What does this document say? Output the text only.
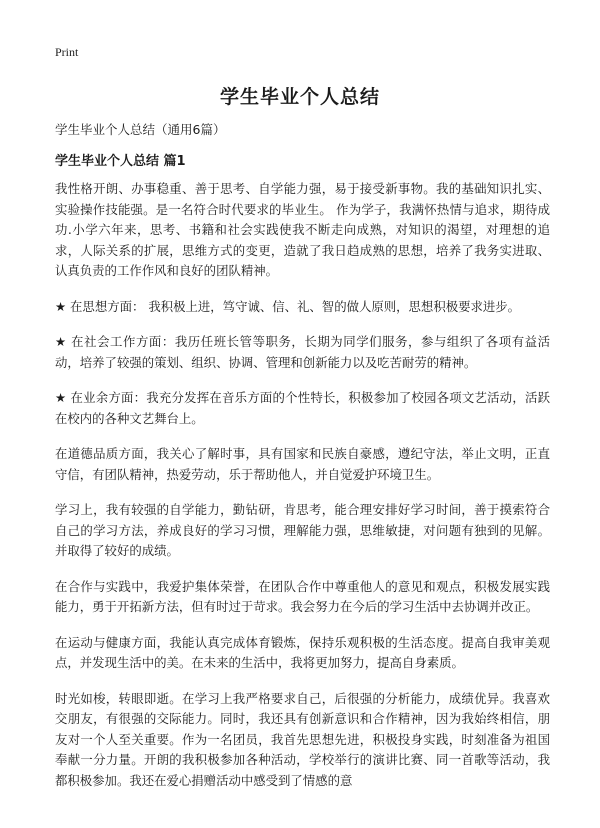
Print
学生毕业个人总结

学生毕业个人总结（通用6篇）

学生毕业个人总结 篇1

我性格开朗、办事稳重、善于思考、自学能力强，易于接受新事物。我的基础知识扎实、实验操作技能强。是一名符合时代要求的毕业生。 作为学子，我满怀热情与追求，期待成功.小学六年来，思考、书籍和社会实践使我不断走向成熟，对知识的渴望，对理想的追求，人际关系的扩展，思维方式的变更，造就了我日趋成熟的思想，培养了我务实进取、认真负责的工作作风和良好的团队精神。

★ 在思想方面： 我积极上进，笃守诚、信、礼、智的做人原则，思想积极要求进步。

★ 在社会工作方面：我历任班长管等职务，长期为同学们服务，参与组织了各项有益活动，培养了较强的策划、组织、协调、管理和创新能力以及吃苦耐劳的精神。

★ 在业余方面：我充分发挥在音乐方面的个性特长，积极参加了校园各项文艺活动，活跃在校内的各种文艺舞台上。

在道德品质方面，我关心了解时事，具有国家和民族自豪感，遵纪守法，举止文明，正直守信，有团队精神，热爱劳动，乐于帮助他人，并自觉爱护环境卫生。

学习上，我有较强的自学能力，勤钻研，肯思考，能合理安排好学习时间，善于摸索符合自己的学习方法，养成良好的学习习惯，理解能力强，思维敏捷，对问题有独到的见解。并取得了较好的成绩。

在合作与实践中，我爱护集体荣誉，在团队合作中尊重他人的意见和观点，积极发展实践能力，勇于开拓新方法，但有时过于苛求。我会努力在今后的学习生活中去协调并改正。

在运动与健康方面，我能认真完成体育锻炼，保持乐观积极的生活态度。提高自我审美观点，并发现生活中的美。在未来的生活中，我将更加努力，提高自身素质。

时光如梭，转眼即逝。在学习上我严格要求自己，后很强的分析能力，成绩优异。我喜欢交朋友，有很强的交际能力。同时，我还具有创新意识和合作精神，因为我始终相信，朋友对一个人至关重要。作为一名团员，我首先思想先进，积极投身实践，时刻准备为祖国奉献一分力量。开朗的我积极参加各种活动，学校举行的演讲比赛、同一首歌等活动，我都积极参加。我还在爱心捐赠活动中感受到了情感的意
